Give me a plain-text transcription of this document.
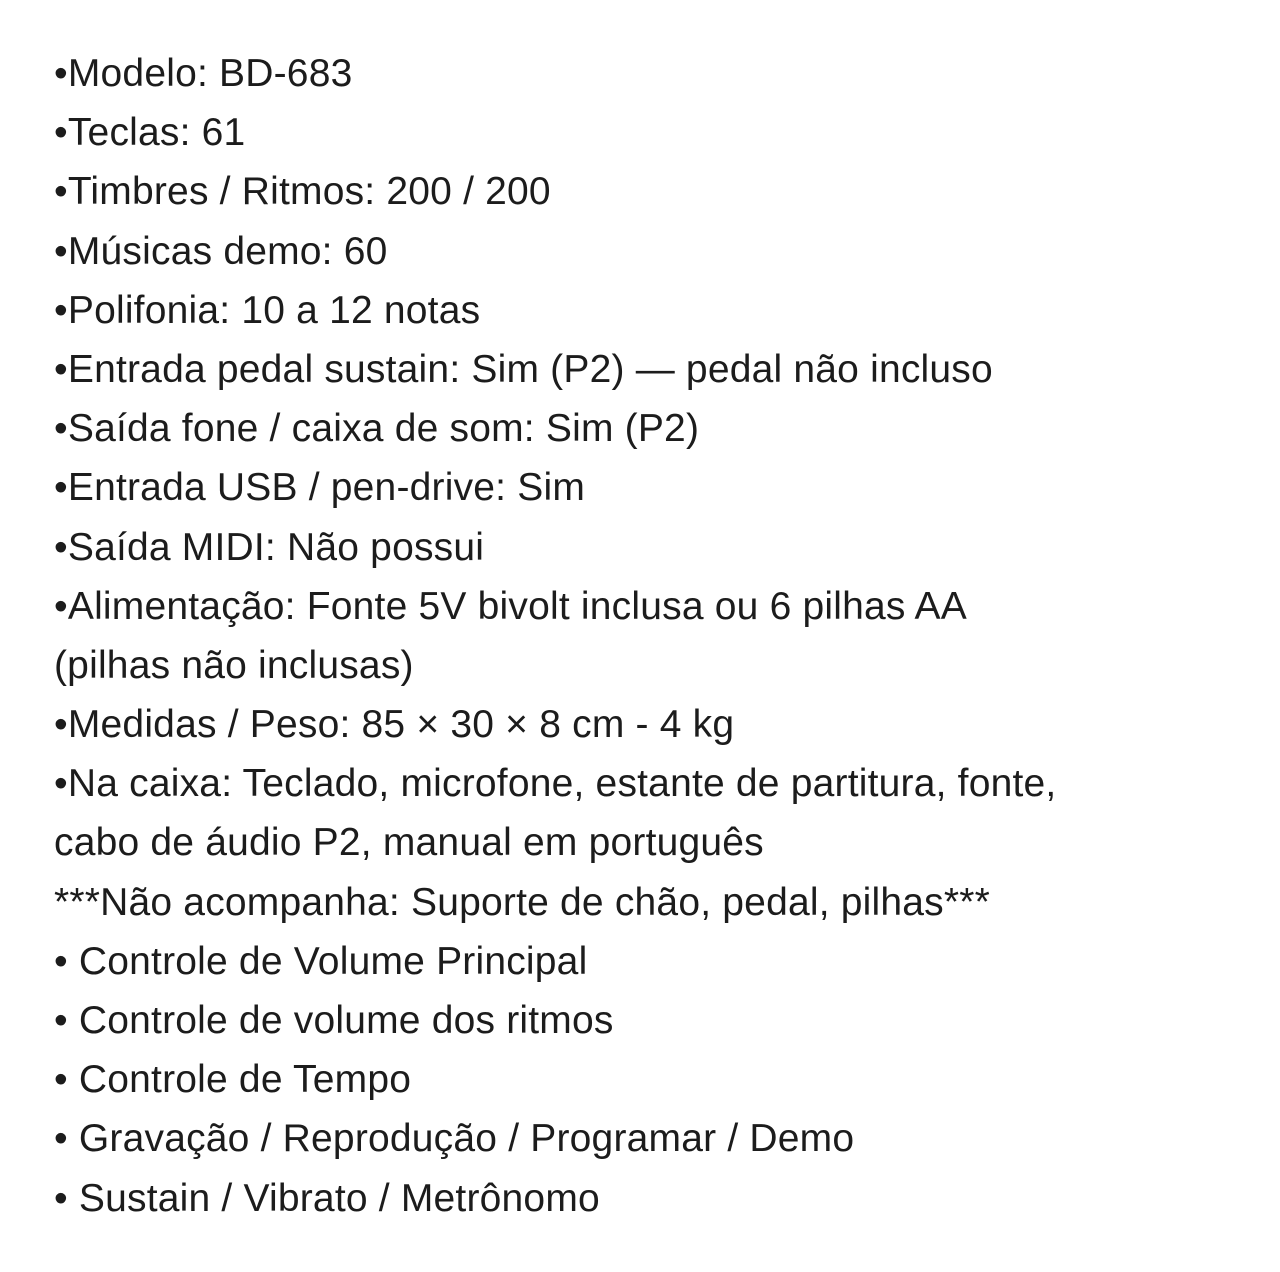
•Modelo: BD-683
•Teclas: 61
•Timbres / Ritmos: 200 / 200
•Músicas demo: 60
•Polifonia: 10 a 12 notas
•Entrada pedal sustain: Sim (P2) — pedal não incluso
•Saída fone / caixa de som: Sim (P2)
•Entrada USB / pen-drive: Sim
•Saída MIDI: Não possui
•Alimentação: Fonte 5V bivolt inclusa ou 6 pilhas AA
(pilhas não inclusas)
•Medidas / Peso: 85 × 30 × 8 cm - 4 kg
•Na caixa: Teclado, microfone, estante de partitura, fonte,
cabo de áudio P2, manual em português
***Não acompanha: Suporte de chão, pedal, pilhas***
• Controle de Volume Principal
• Controle de volume dos ritmos
• Controle de Tempo
• Gravação / Reprodução / Programar / Demo
• Sustain / Vibrato / Metrônomo
